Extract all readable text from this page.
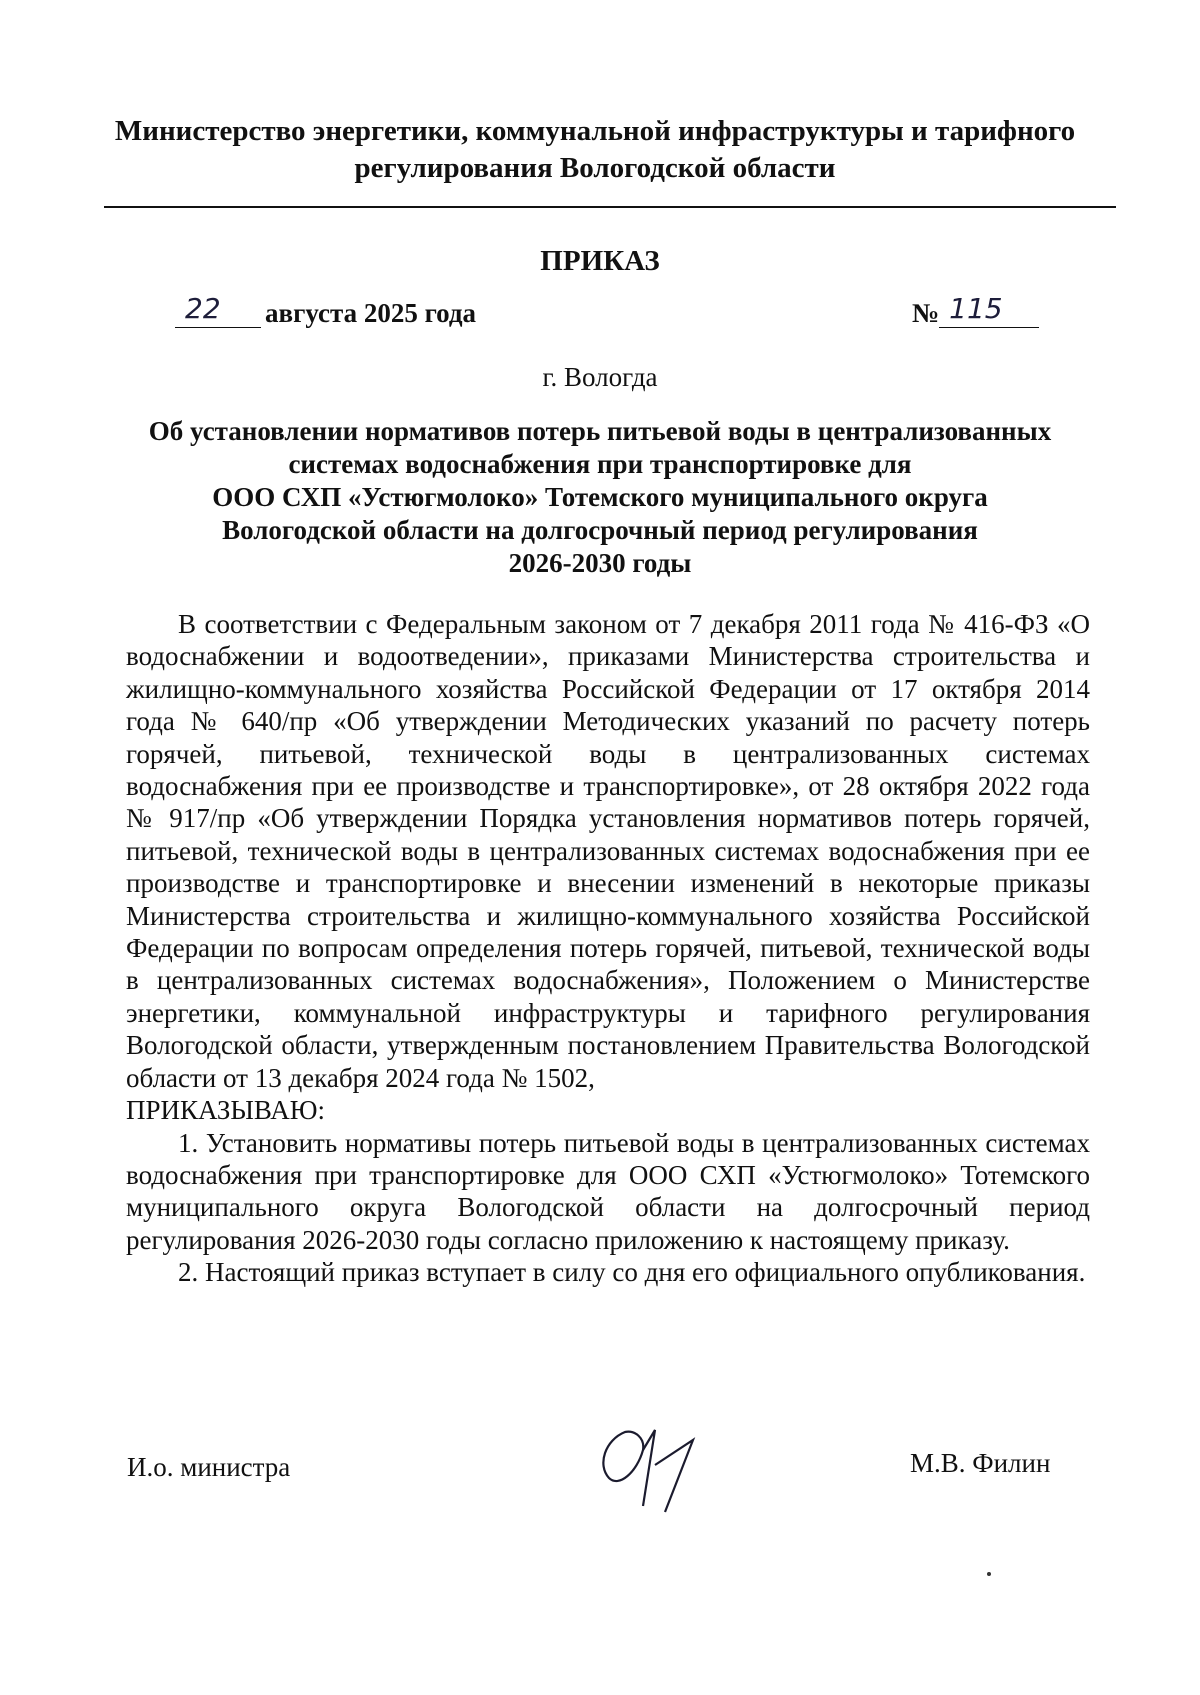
Министерство энергетики, коммунальной инфраструктуры и тарифного
регулирования Вологодской области
ПРИКАЗ
22 августа 2025 года	№ 115
г. Вологда
Об установлении нормативов потерь питьевой воды в централизованных
системах водоснабжения при транспортировке для
ООО СХП «Устюгмолоко» Тотемского муниципального округа
Вологодской области на долгосрочный период регулирования
2026-2030 годы

В соответствии с Федеральным законом от 7 декабря 2011 года № 416-ФЗ «О водоснабжении и водоотведении», приказами Министерства строительства и жилищно-коммунального хозяйства Российской Федерации от 17 октября 2014 года № 640/пр «Об утверждении Методических указаний по расчету потерь горячей, питьевой, технической воды в централизованных системах водоснабжения при ее производстве и транспортировке», от 28 октября 2022 года № 917/пр «Об утверждении Порядка установления нормативов потерь горячей, питьевой, технической воды в централизованных системах водоснабжения при ее производстве и транспортировке и внесении изменений в некоторые приказы Министерства строительства и жилищно-коммунального хозяйства Российской Федерации по вопросам определения потерь горячей, питьевой, технической воды в централизованных системах водоснабжения», Положением о Министерстве энергетики, коммунальной инфраструктуры и тарифного регулирования Вологодской области, утвержденным постановлением Правительства Вологодской области от 13 декабря 2024 года № 1502,

ПРИКАЗЫВАЮ:

1. Установить нормативы потерь питьевой воды в централизованных системах водоснабжения при транспортировке для ООО СХП «Устюгмолоко» Тотемского муниципального округа Вологодской области на долгосрочный период регулирования 2026-2030 годы согласно приложению к настоящему приказу.

2. Настоящий приказ вступает в силу со дня его официального опубликования.

И.о. министра	М.В. Филин
